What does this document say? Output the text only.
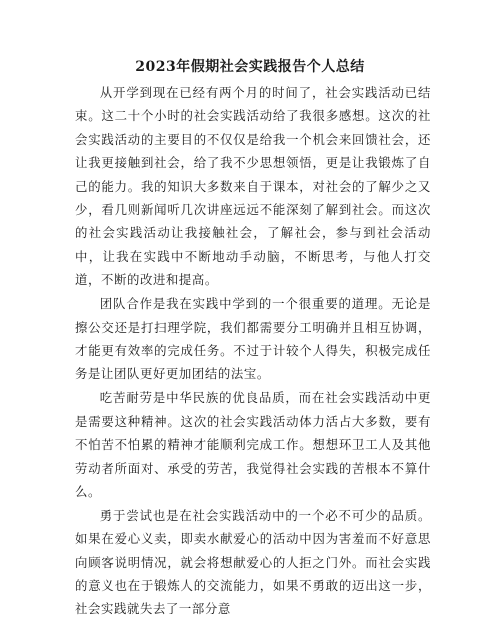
2023年假期社会实践报告个人总结

从开学到现在已经有两个月的时间了，社会实践活动已结束。这二十个小时的社会实践活动给了我很多感想。这次的社会实践活动的主要目的不仅仅是给我一个机会来回馈社会，还让我更接触到社会，给了我不少思想领悟，更是让我锻炼了自己的能力。我的知识大多数来自于课本，对社会的了解少之又少，看几则新闻听几次讲座远远不能深刻了解到社会。而这次的社会实践活动让我接触社会，了解社会，参与到社会活动中，让我在实践中不断地动手动脑，不断思考，与他人打交道，不断的改进和提高。

团队合作是我在实践中学到的一个很重要的道理。无论是擦公交还是打扫理学院，我们都需要分工明确并且相互协调，才能更有效率的完成任务。不过于计较个人得失，积极完成任务是让团队更好更加团结的法宝。

吃苦耐劳是中华民族的优良品质，而在社会实践活动中更是需要这种精神。这次的社会实践活动体力活占大多数，要有不怕苦不怕累的精神才能顺利完成工作。想想环卫工人及其他劳动者所面对、承受的劳苦，我觉得社会实践的苦根本不算什么。

勇于尝试也是在社会实践活动中的一个必不可少的品质。如果在爱心义卖，即卖水献爱心的活动中因为害羞而不好意思向顾客说明情况，就会将想献爱心的人拒之门外。而社会实践的意义也在于锻炼人的交流能力，如果不勇敢的迈出这一步，社会实践就失去了一部分意
